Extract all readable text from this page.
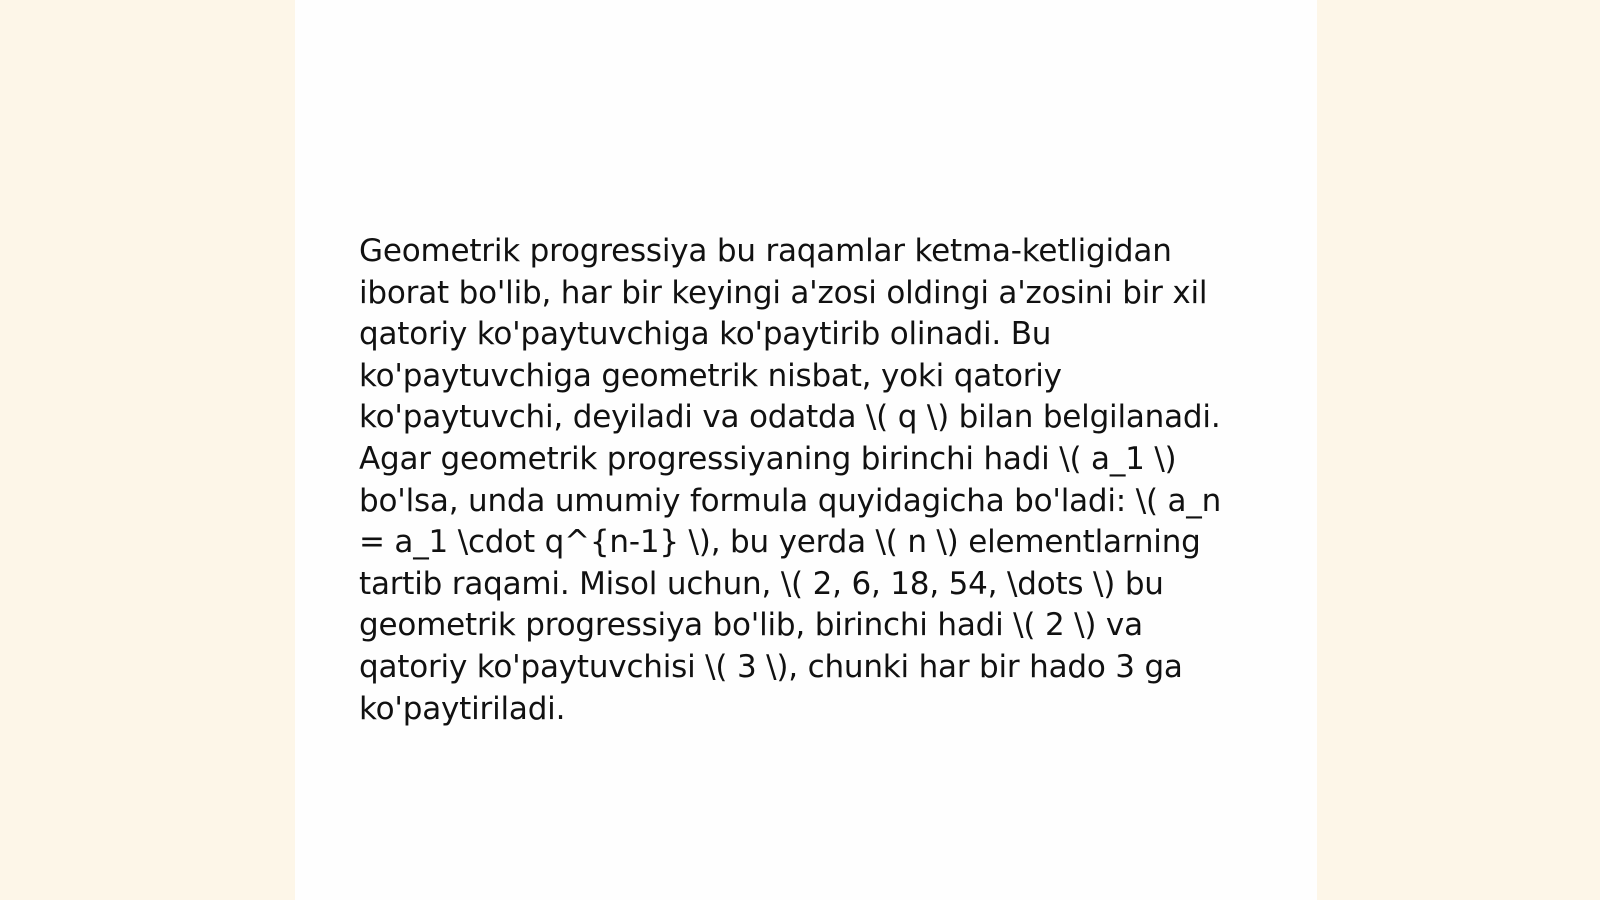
Geometrik progressiya bu raqamlar ketma-ketligidan iborat bo'lib, har bir keyingi a'zosi oldingi a'zosini bir xil qatoriy ko'paytuvchiga ko'paytirib olinadi. Bu ko'paytuvchiga geometrik nisbat, yoki qatoriy ko'paytuvchi, deyiladi va odatda \( q \) bilan belgilanadi. Agar geometrik progressiyaning birinchi hadi \( a_1 \) bo'lsa, unda umumiy formula quyidagicha bo'ladi: \( a_n = a_1 \cdot q^{n-1} \), bu yerda \( n \) elementlarning tartib raqami. Misol uchun, \( 2, 6, 18, 54, \dots \) bu geometrik progressiya bo'lib, birinchi hadi \( 2 \) va qatoriy ko'paytuvchisi \( 3 \), chunki har bir hado 3 ga ko'paytiriladi.
